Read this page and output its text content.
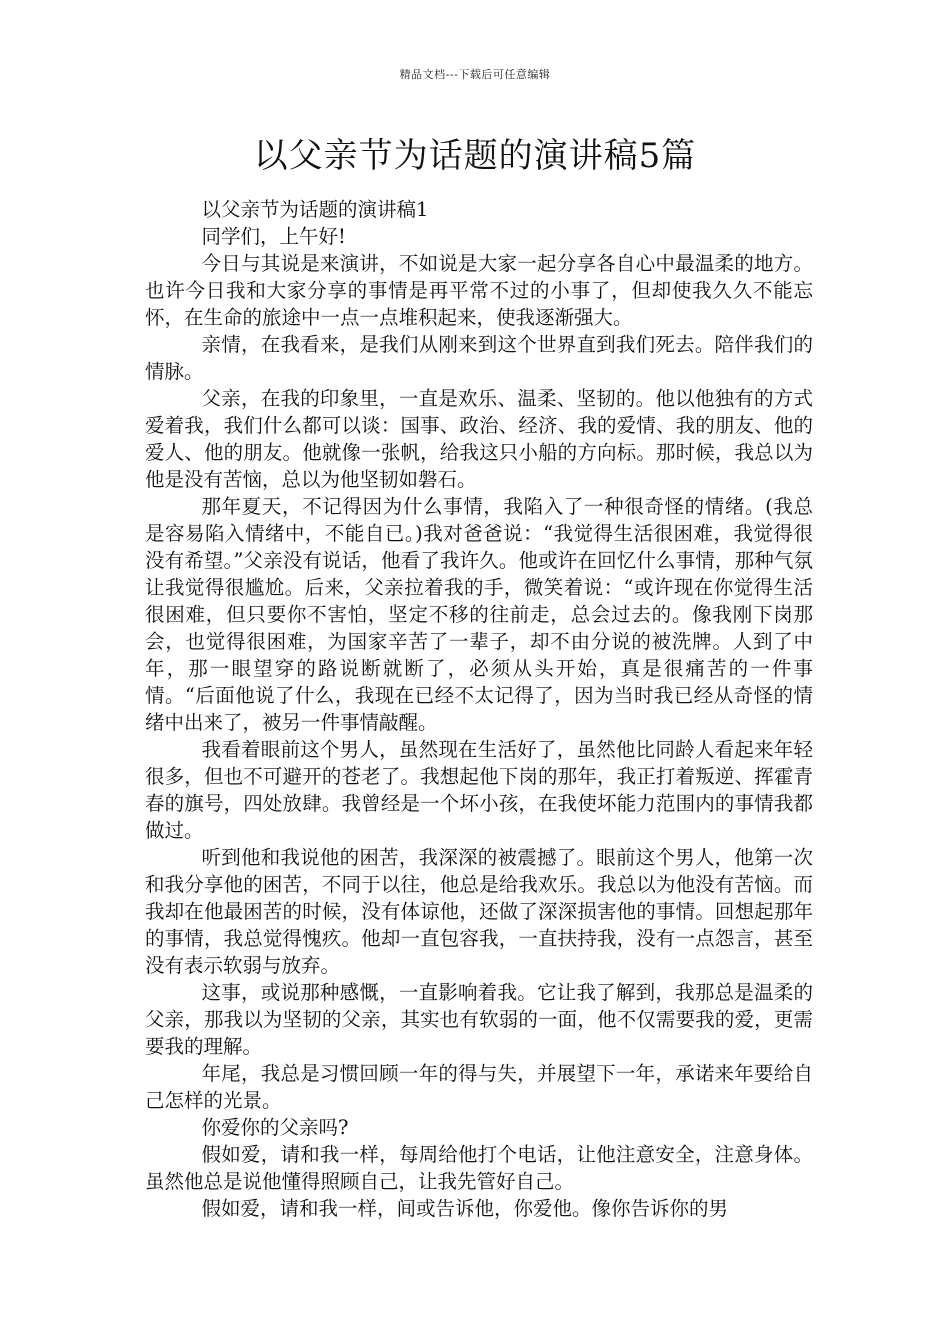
精品文档---下载后可任意编辑
以父亲节为话题的演讲稿5篇

以父亲节为话题的演讲稿1

同学们，上午好!

今日与其说是来演讲，不如说是大家一起分享各自心中最温柔的地方。也许今日我和大家分享的事情是再平常不过的小事了，但却使我久久不能忘怀，在生命的旅途中一点一点堆积起来，使我逐渐强大。

亲情，在我看来，是我们从刚来到这个世界直到我们死去。陪伴我们的情脉。

父亲，在我的印象里，一直是欢乐、温柔、坚韧的。他以他独有的方式爱着我，我们什么都可以谈：国事、政治、经济、我的爱情、我的朋友、他的爱人、他的朋友。他就像一张帆，给我这只小船的方向标。那时候，我总以为他是没有苦恼，总以为他坚韧如磐石。

那年夏天，不记得因为什么事情，我陷入了一种很奇怪的情绪。(我总是容易陷入情绪中，不能自已。)我对爸爸说：“我觉得生活很困难，我觉得很没有希望。”父亲没有说话，他看了我许久。他或许在回忆什么事情，那种气氛让我觉得很尴尬。后来，父亲拉着我的手，微笑着说：“或许现在你觉得生活很困难，但只要你不害怕，坚定不移的往前走，总会过去的。像我刚下岗那会，也觉得很困难，为国家辛苦了一辈子，却不由分说的被洗牌。人到了中年，那一眼望穿的路说断就断了，必须从头开始，真是很痛苦的一件事情。“后面他说了什么，我现在已经不太记得了，因为当时我已经从奇怪的情绪中出来了，被另一件事情敲醒。

我看着眼前这个男人，虽然现在生活好了，虽然他比同龄人看起来年轻很多，但也不可避开的苍老了。我想起他下岗的那年，我正打着叛逆、挥霍青春的旗号，四处放肆。我曾经是一个坏小孩，在我使坏能力范围内的事情我都做过。

听到他和我说他的困苦，我深深的被震撼了。眼前这个男人，他第一次和我分享他的困苦，不同于以往，他总是给我欢乐。我总以为他没有苦恼。而我却在他最困苦的时候，没有体谅他，还做了深深损害他的事情。回想起那年的事情，我总觉得愧疚。他却一直包容我，一直扶持我，没有一点怨言，甚至没有表示软弱与放弃。

这事，或说那种感慨，一直影响着我。它让我了解到，我那总是温柔的父亲，那我以为坚韧的父亲，其实也有软弱的一面，他不仅需要我的爱，更需要我的理解。

年尾，我总是习惯回顾一年的得与失，并展望下一年，承诺来年要给自己怎样的光景。

你爱你的父亲吗?

假如爱，请和我一样，每周给他打个电话，让他注意安全，注意身体。虽然他总是说他懂得照顾自己，让我先管好自己。

假如爱，请和我一样，间或告诉他，你爱他。像你告诉你的男
